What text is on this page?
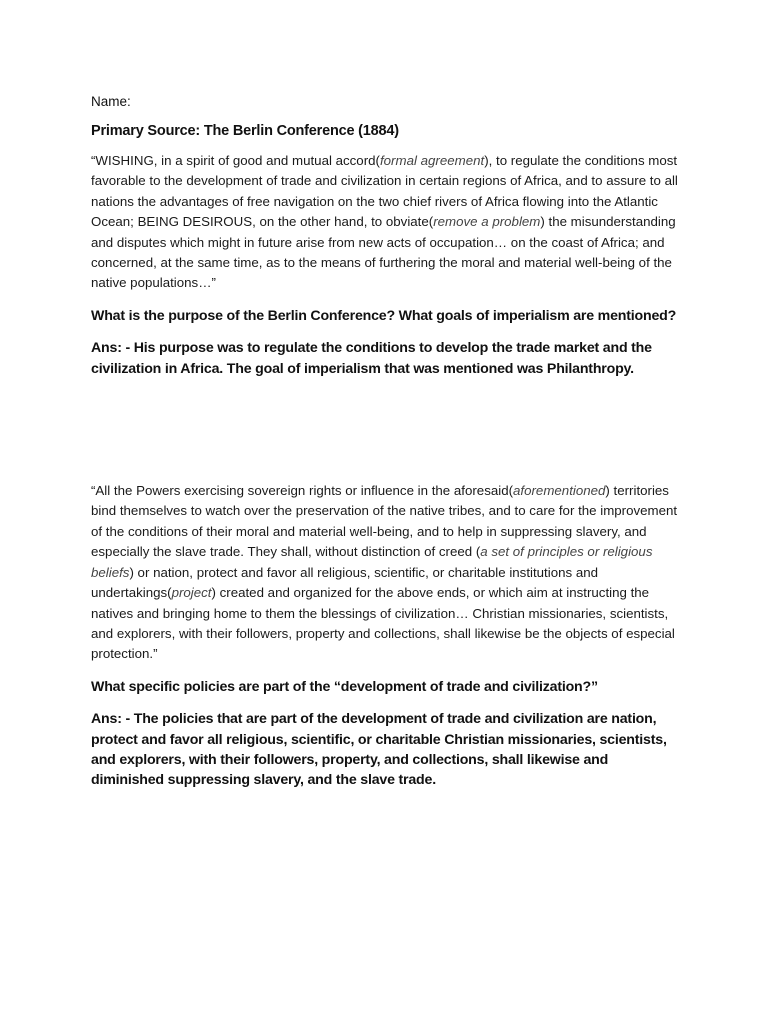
Name:

Primary Source: The Berlin Conference (1884)

“WISHING, in a spirit of good and mutual accord(formal agreement), to regulate the conditions most favorable to the development of trade and civilization in certain regions of Africa, and to assure to all nations the advantages of free navigation on the two chief rivers of Africa flowing into the Atlantic Ocean; BEING DESIROUS, on the other hand, to obviate(remove a problem) the misunderstanding and disputes which might in future arise from new acts of occupation… on the coast of Africa; and concerned, at the same time, as to the means of furthering the moral and material well-being of the native populations…”

What is the purpose of the Berlin Conference? What goals of imperialism are mentioned?

Ans: - His purpose was to regulate the conditions to develop the trade market and the civilization in Africa. The goal of imperialism that was mentioned was Philanthropy.

“All the Powers exercising sovereign rights or influence in the aforesaid(aforementioned) territories bind themselves to watch over the preservation of the native tribes, and to care for the improvement of the conditions of their moral and material well-being, and to help in suppressing slavery, and especially the slave trade. They shall, without distinction of creed (a set of principles or religious beliefs) or nation, protect and favor all religious, scientific, or charitable institutions and undertakings(project) created and organized for the above ends, or which aim at instructing the natives and bringing home to them the blessings of civilization… Christian missionaries, scientists, and explorers, with their followers, property and collections, shall likewise be the objects of especial protection.”

What specific policies are part of the “development of trade and civilization?”

Ans: - The policies that are part of the development of trade and civilization are nation, protect and favor all religious, scientific, or charitable Christian missionaries, scientists, and explorers, with their followers, property, and collections, shall likewise and diminished suppressing slavery, and the slave trade.
